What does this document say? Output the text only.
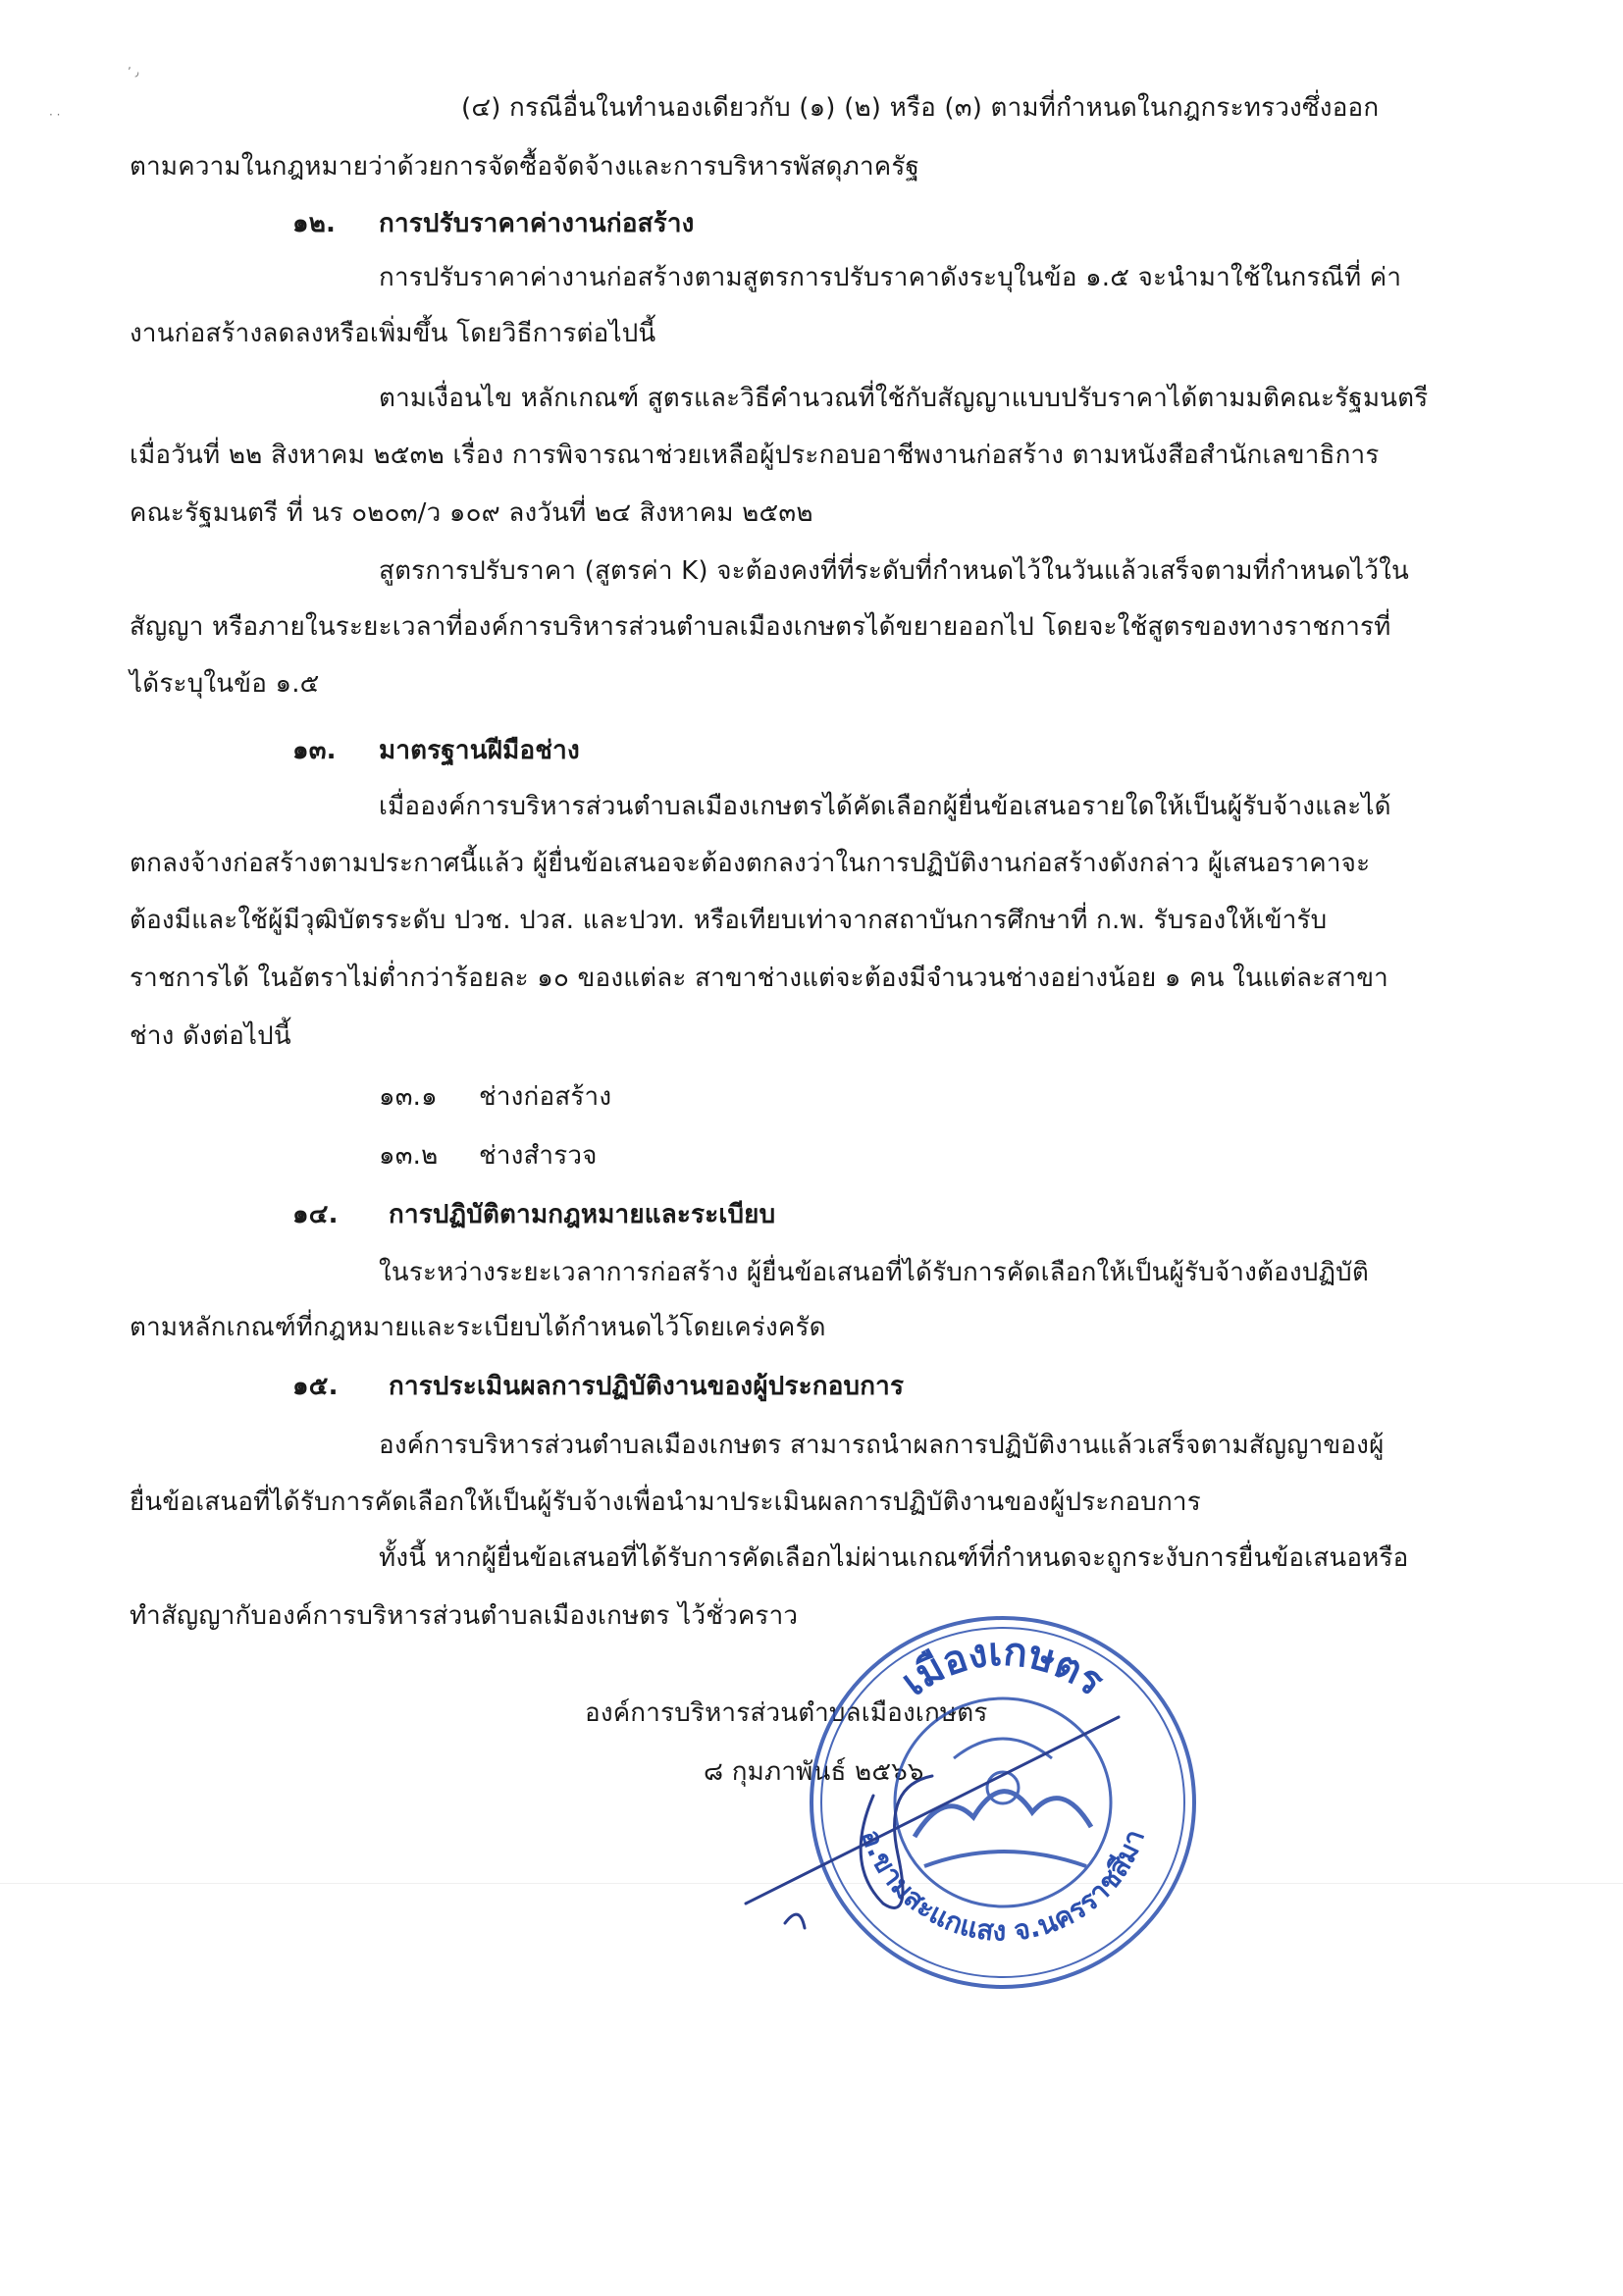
٫ ٬
· ·	(๔) กรณีอื่นในทำนองเดียวกับ (๑) (๒) หรือ (๓) ตามที่กำหนดในกฎกระทรวงซึ่งออก
ตามความในกฎหมายว่าด้วยการจัดซื้อจัดจ้างและการบริหารพัสดุภาครัฐ
๑๒. การปรับราคาค่างานก่อสร้าง
การปรับราคาค่างานก่อสร้างตามสูตรการปรับราคาดังระบุในข้อ ๑.๕ จะนำมาใช้ในกรณีที่ ค่า
งานก่อสร้างลดลงหรือเพิ่มขึ้น โดยวิธีการต่อไปนี้
ตามเงื่อนไข หลักเกณฑ์ สูตรและวิธีคำนวณที่ใช้กับสัญญาแบบปรับราคาได้ตามมติคณะรัฐมนตรี
เมื่อวันที่ ๒๒ สิงหาคม ๒๕๓๒ เรื่อง การพิจารณาช่วยเหลือผู้ประกอบอาชีพงานก่อสร้าง ตามหนังสือสำนักเลขาธิการ
คณะรัฐมนตรี ที่ นร ๐๒๐๓/ว ๑๐๙ ลงวันที่ ๒๔ สิงหาคม ๒๕๓๒
สูตรการปรับราคา (สูตรค่า K) จะต้องคงที่ที่ระดับที่กำหนดไว้ในวันแล้วเสร็จตามที่กำหนดไว้ใน
สัญญา หรือภายในระยะเวลาที่องค์การบริหารส่วนตำบลเมืองเกษตรได้ขยายออกไป โดยจะใช้สูตรของทางราชการที่
ได้ระบุในข้อ ๑.๕
๑๓. มาตรฐานฝีมือช่าง
เมื่อองค์การบริหารส่วนตำบลเมืองเกษตรได้คัดเลือกผู้ยื่นข้อเสนอรายใดให้เป็นผู้รับจ้างและได้
ตกลงจ้างก่อสร้างตามประกาศนี้แล้ว ผู้ยื่นข้อเสนอจะต้องตกลงว่าในการปฏิบัติงานก่อสร้างดังกล่าว ผู้เสนอราคาจะ
ต้องมีและใช้ผู้มีวุฒิบัตรระดับ ปวช. ปวส. และปวท. หรือเทียบเท่าจากสถาบันการศึกษาที่ ก.พ. รับรองให้เข้ารับ
ราชการได้ ในอัตราไม่ต่ำกว่าร้อยละ ๑๐ ของแต่ละ สาขาช่างแต่จะต้องมีจำนวนช่างอย่างน้อย ๑ คน ในแต่ละสาขา
ช่าง ดังต่อไปนี้
๑๓.๑ ช่างก่อสร้าง
๑๓.๒ ช่างสำรวจ
๑๔. การปฏิบัติตามกฎหมายและระเบียบ
ในระหว่างระยะเวลาการก่อสร้าง ผู้ยื่นข้อเสนอที่ได้รับการคัดเลือกให้เป็นผู้รับจ้างต้องปฏิบัติ
ตามหลักเกณฑ์ที่กฎหมายและระเบียบได้กำหนดไว้โดยเคร่งครัด
๑๕. การประเมินผลการปฏิบัติงานของผู้ประกอบการ
องค์การบริหารส่วนตำบลเมืองเกษตร สามารถนำผลการปฏิบัติงานแล้วเสร็จตามสัญญาของผู้
ยื่นข้อเสนอที่ได้รับการคัดเลือกให้เป็นผู้รับจ้างเพื่อนำมาประเมินผลการปฏิบัติงานของผู้ประกอบการ
ทั้งนี้ หากผู้ยื่นข้อเสนอที่ได้รับการคัดเลือกไม่ผ่านเกณฑ์ที่กำหนดจะถูกระงับการยื่นข้อเสนอหรือ
ทำสัญญากับองค์การบริหารส่วนตำบลเมืองเกษตร ไว้ชั่วคราว
องค์การบริหารส่วนตำบลเมืองเกษตร
๘ กุมภาพันธ์ ๒๕๖๖
เมืองเกษตร
อ.ขามสะแกแสง จ.นครราชสีมา
